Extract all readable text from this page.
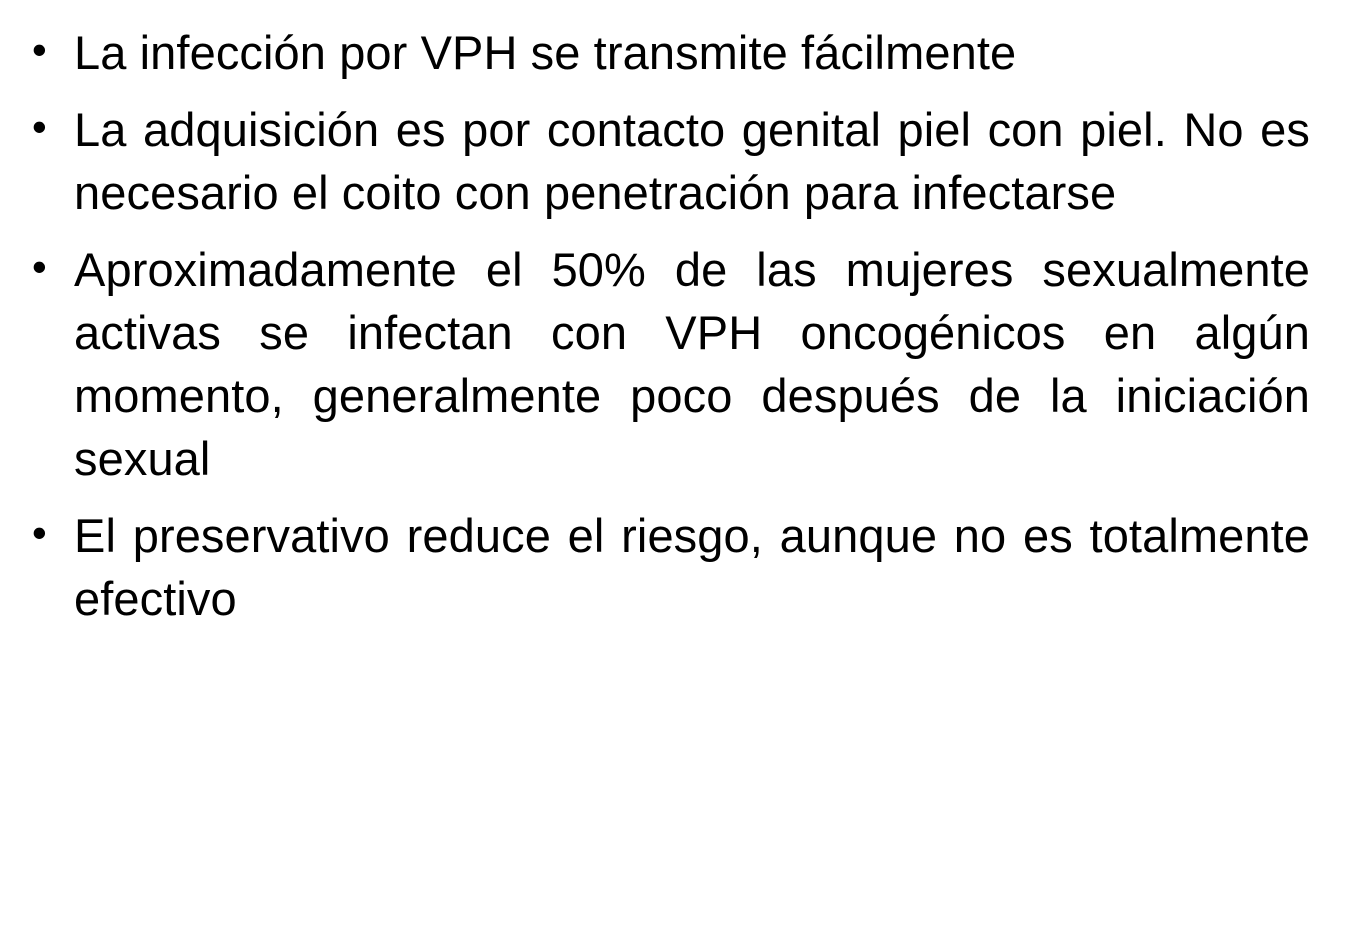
• La infección por VPH se transmite fácilmente
• La adquisición es por contacto genital piel con piel. No es necesario el coito con penetración para infectarse
• Aproximadamente el 50% de las mujeres sexualmente activas se infectan con VPH oncogénicos en algún momento, generalmente poco después de la iniciación sexual
• El preservativo reduce el riesgo, aunque no es totalmente efectivo
